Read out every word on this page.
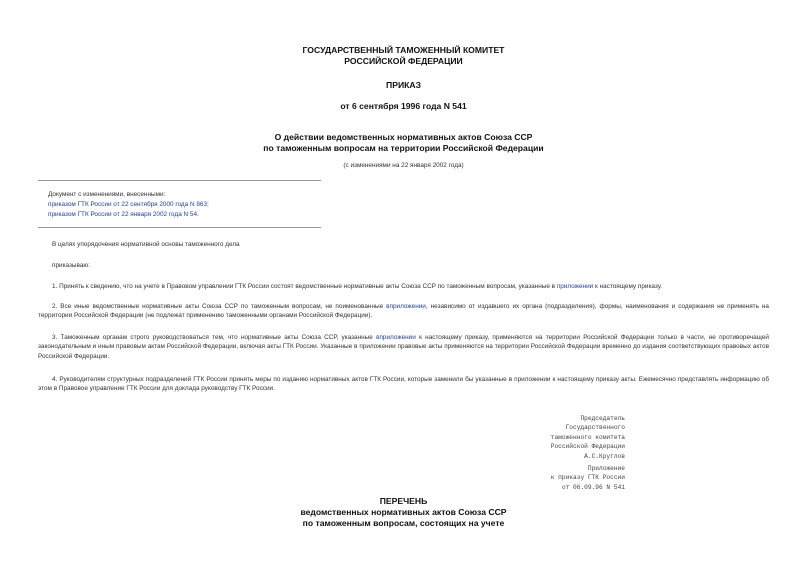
ГОСУДАРСТВЕННЫЙ ТАМОЖЕННЫЙ КОМИТЕТ
РОССИЙСКОЙ ФЕДЕРАЦИИ
ПРИКАЗ
от 6 сентября 1996 года N 541
О действии ведомственных нормативных актов Союза ССР
по таможенным вопросам на территории Российской Федерации
(с изменениями на 22 января 2002 года)
Документ с изменениями, внесенными:
приказом ГТК России от 22 сентября 2000 года N 863;
приказом ГТК России от 22 января 2002 года N 54.
В целях упорядочения нормативной основы таможенного дела
приказываю:
1. Принять к сведению, что на учете в Правовом управлении ГТК России состоят ведомственные нормативные акты Союза ССР по таможенным вопросам, указанные в приложении к настоящему приказу.
2. Все иные ведомственные нормативные акты Союза ССР по таможенным вопросам, не поименованные вприложении, независимо от издавшего их органа (подразделения), формы, наименования и содержания не применять на территории Российской Федерации (не подлежат применению таможенными органами Российской Федерации).
3. Таможенным органам строго руководствоваться тем, что нормативные акты Союза ССР, указанные вприложении к настоящему приказу, применяются на территории Российской Федерации только в части, не противоречащей законодательным и иным правовым актам Российской Федерации, включая акты ГТК России. Указанные в приложении правовые акты применяются на территории Российской Федерации временно до издания соответствующих правовых актов Российской Федерации.
4. Руководителям структурных подразделений ГТК России принять меры по изданию нормативных актов ГТК России, которые заменили бы указанные в приложении к настоящему приказу акты. Ежемесячно представлять информацию об этом в Правовое управление ГТК России для доклада руководству ГТК России.
Председатель
Государственного
таможенного комитета
Российской Федерации
А.С.Круглов
Приложение
к приказу ГТК России
от 06.09.96 N 541
ПЕРЕЧЕНЬ
ведомственных нормативных актов Союза ССР
по таможенным вопросам, состоящих на учете
